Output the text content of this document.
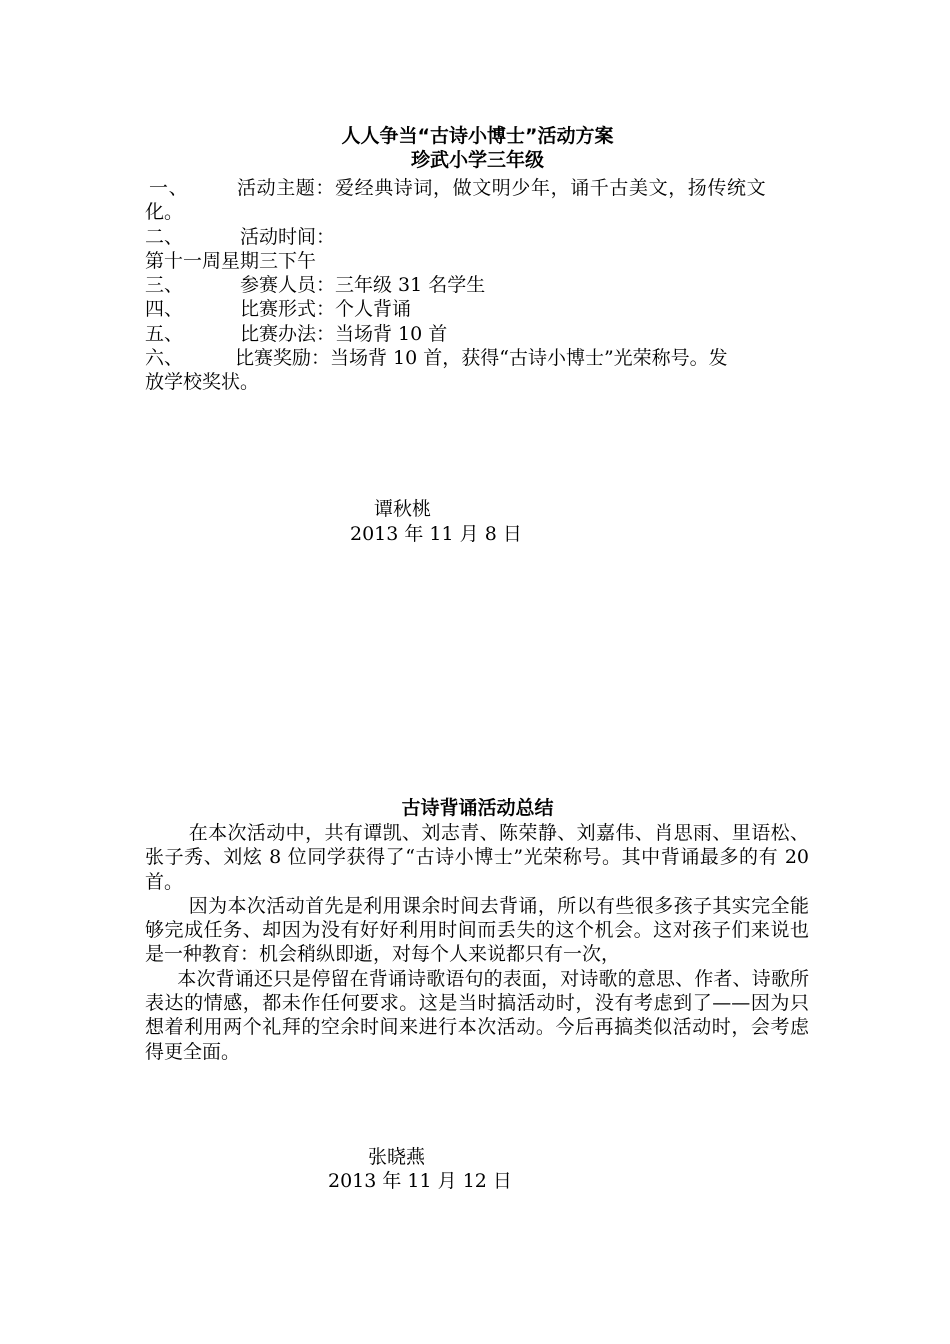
人人争当“古诗小博士”活动方案

珍武小学三年级

一、	活动主题：爱经典诗词，做文明少年，诵千古美文，扬传统文
化。
二、	活动时间：
第十一周星期三下午
三、	参赛人员：三年级 31 名学生
四、	比赛形式：个人背诵
五、	比赛办法：当场背 10 首
六、	比赛奖励：当场背 10 首，获得“古诗小博士”光荣称号。发
放学校奖状。
谭秋桃
2013 年 11 月 8 日

古诗背诵活动总结

在本次活动中，共有谭凯、刘志青、陈荣静、刘嘉伟、肖思雨、里语松、张子秀、刘炫 8 位同学获得了“古诗小博士”光荣称号。其中背诵最多的有 20 首。

因为本次活动首先是利用课余时间去背诵，所以有些很多孩子其实完全能够完成任务、却因为没有好好利用时间而丢失的这个机会。这对孩子们来说也是一种教育：机会稍纵即逝，对每个人来说都只有一次，

本次背诵还只是停留在背诵诗歌语句的表面，对诗歌的意思、作者、诗歌所表达的情感，都未作任何要求。这是当时搞活动时，没有考虑到了——因为只想着利用两个礼拜的空余时间来进行本次活动。今后再搞类似活动时，会考虑得更全面。

张晓燕
2013 年 11 月 12 日
